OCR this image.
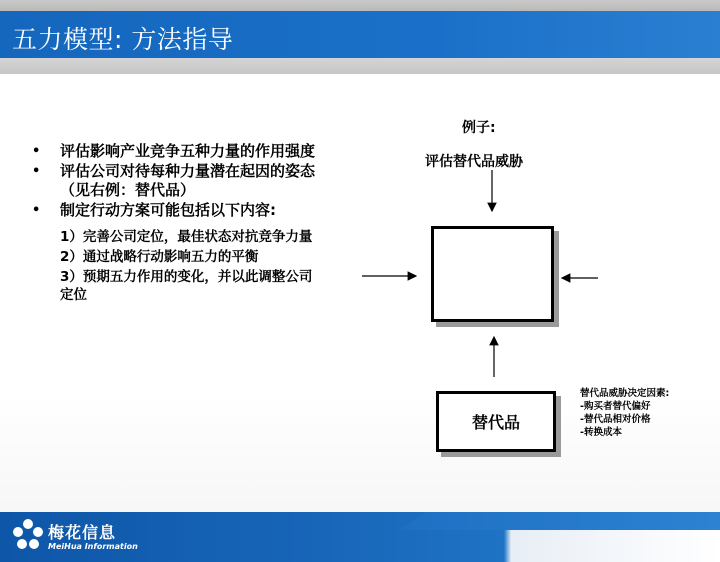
五力模型: 方法指导
• 评估影响产业竞争五种力量的作用强度
• 评估公司对待每种力量潜在起因的姿态（见右例：替代品）
• 制定行动方案可能包括以下内容:
1）完善公司定位，最佳状态对抗竞争力量
2）通过战略行动影响五力的平衡
3）预期五力作用的变化，并以此调整公司定位
例子:
评估替代品威胁
替代品
替代品威胁决定因素:
-购买者替代偏好
-替代品相对价格
-转换成本
梅花信息
MeiHua Information
